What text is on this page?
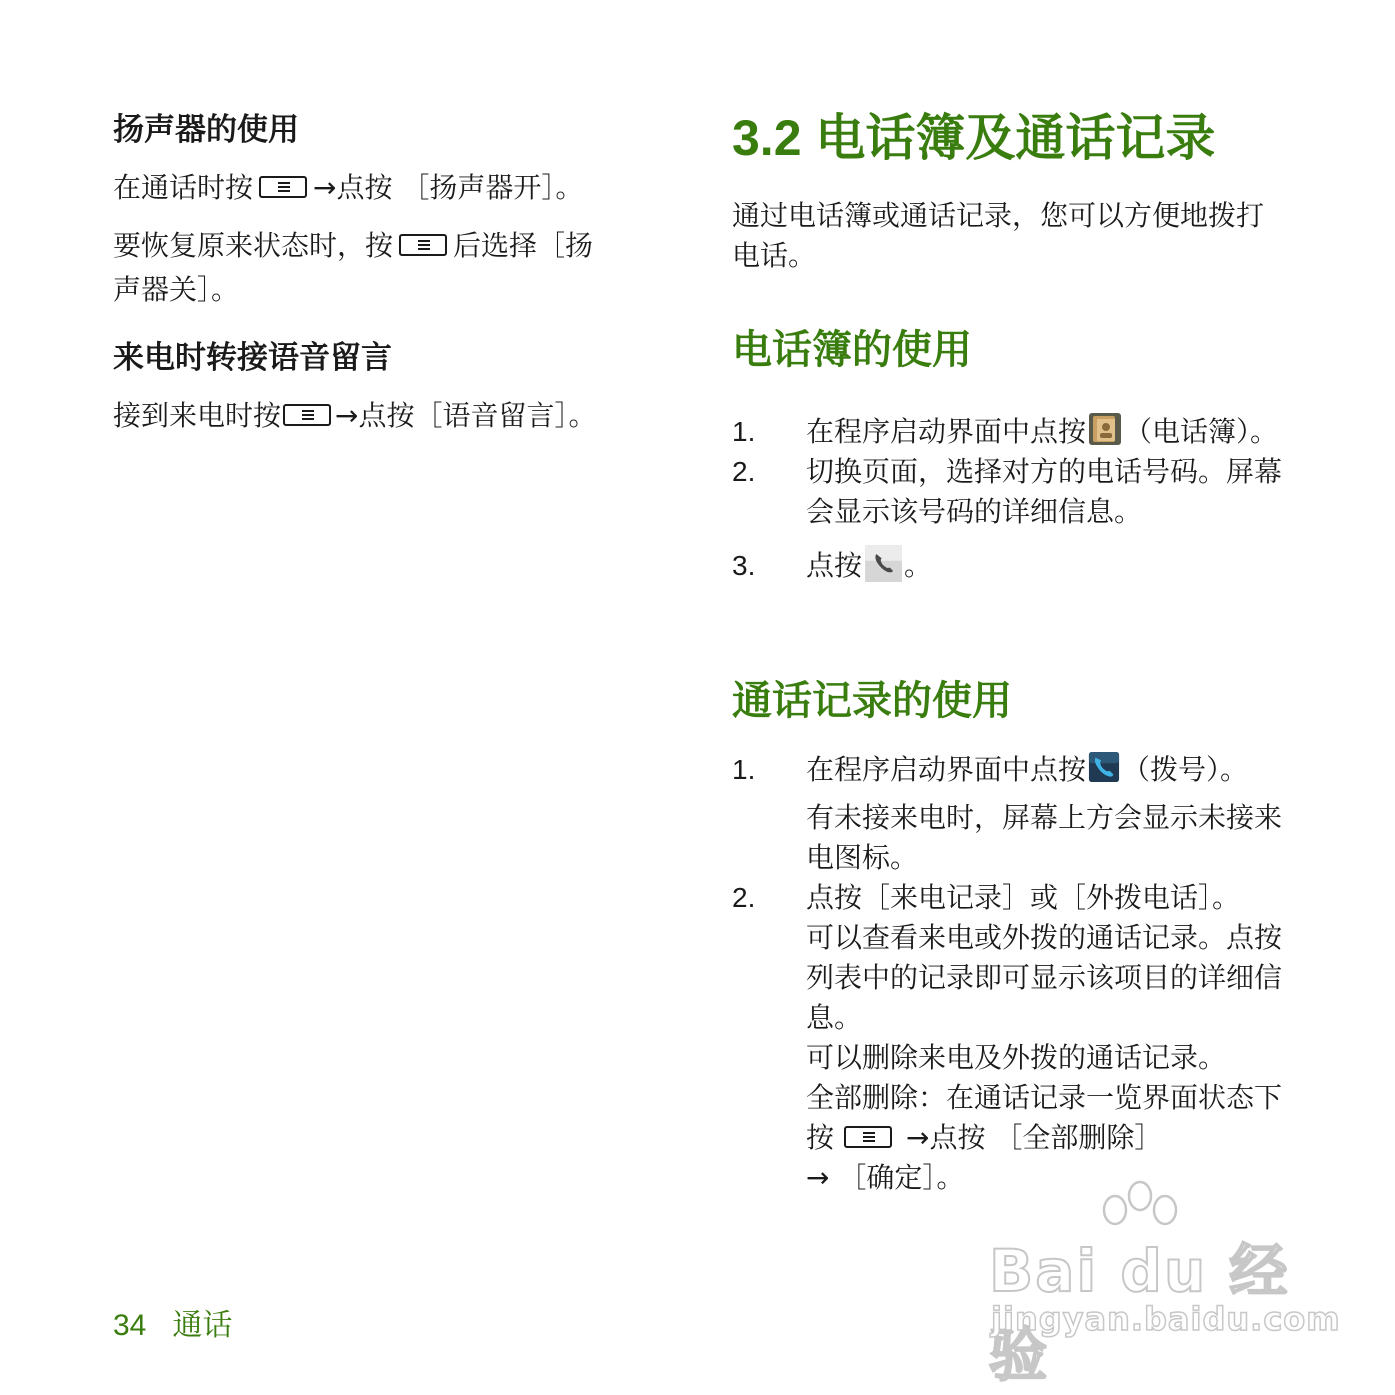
扬声器的使用

在通话时按 →点按 ［扬声器开］。

要恢复原来状态时，按 后选择［扬
声器关］。

来电时转接语音留言

接到来电时按 →点按［语音留言］。

3.2 电话簿及通话记录

通过电话簿或通话记录，您可以方便地拨打电话。

电话簿的使用
1. 在程序启动界面中点按 （电话簿）。
2. 切换页面，选择对方的电话号码。屏幕会显示该号码的详细信息。
3. 点按 。
通话记录的使用
1. 在程序启动界面中点按 （拨号）。
有未接来电时，屏幕上方会显示未接来电图标。
2. 点按［来电记录］或［外拨电话］。
可以查看来电或外拨的通话记录。点按列表中的记录即可显示该项目的详细信息。
可以删除来电及外拨的通话记录。
全部删除：在通话记录一览界面状态下按	→点按 ［全部删除］
→ ［确定］。
34 通话
Bai du 经验
jingyan.baidu.com
